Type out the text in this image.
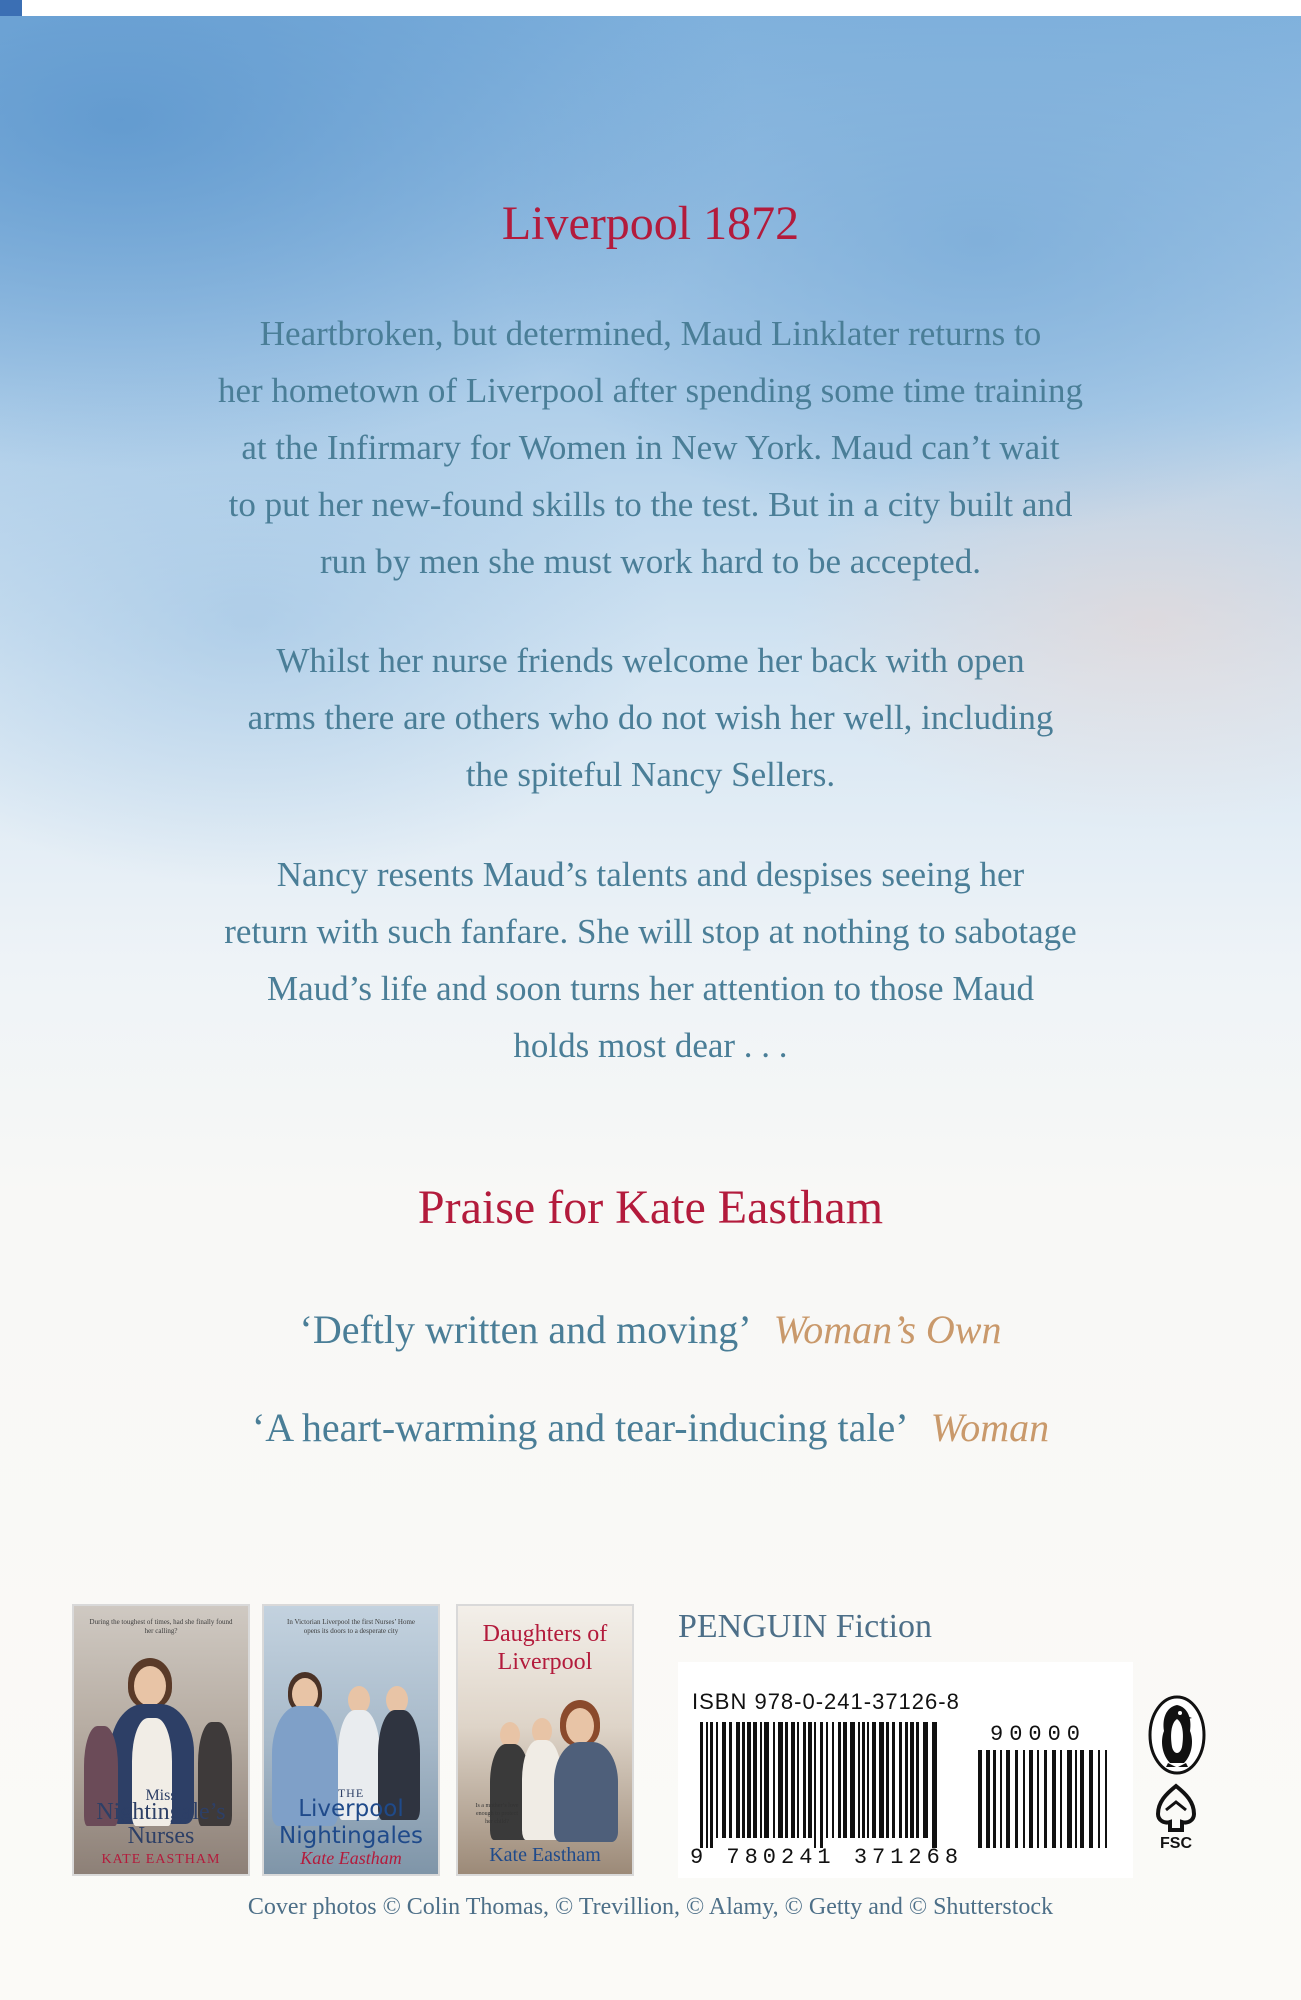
Liverpool 1872

Heartbroken, but determined, Maud Linklater returns to
her hometown of Liverpool after spending some time training
at the Infirmary for Women in New York. Maud can’t wait
to put her new-found skills to the test. But in a city built and
run by men she must work hard to be accepted.

Whilst her nurse friends welcome her back with open
arms there are others who do not wish her well, including
the spiteful Nancy Sellers.

Nancy resents Maud’s talents and despises seeing her
return with such fanfare. She will stop at nothing to sabotage
Maud’s life and soon turns her attention to those Maud
holds most dear . . .

Praise for Kate Eastham

‘Deftly written and moving’ Woman’s Own

‘A heart-warming and tear-inducing tale’ Woman

During the toughest of times, had she finally found her calling?
Miss
Nightingale’s Nurses
KATE EASTHAM
In Victorian Liverpool the first Nurses’ Home opens its doors to a desperate city
THE
Liverpool Nightingales
Kate Eastham
Daughters of Liverpool
Is a mother’s love enough to protect her child?
Kate Eastham
PENGUIN Fiction
ISBN 978-0-241-37126-8
90000
9 780241 371268
FSC
Cover photos © Colin Thomas, © Trevillion, © Alamy, © Getty and © Shutterstock
